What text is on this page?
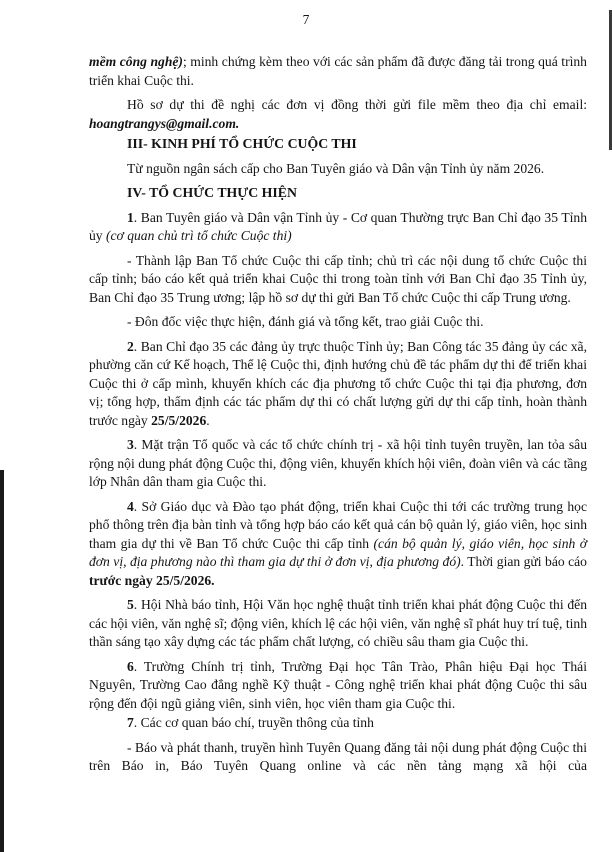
7

mềm công nghệ); minh chứng kèm theo với các sản phẩm đã được đăng tải trong quá trình triển khai Cuộc thi.

Hồ sơ dự thi đề nghị các đơn vị đồng thời gửi file mềm theo địa chỉ email: hoangtrangys@gmail.com.

III- KINH PHÍ TỔ CHỨC CUỘC THI

Từ nguồn ngân sách cấp cho Ban Tuyên giáo và Dân vận Tỉnh ủy năm 2026.

IV- TỔ CHỨC THỰC HIỆN

1. Ban Tuyên giáo và Dân vận Tỉnh ủy - Cơ quan Thường trực Ban Chỉ đạo 35 Tỉnh ủy (cơ quan chủ trì tổ chức Cuộc thi)

- Thành lập Ban Tổ chức Cuộc thi cấp tỉnh; chủ trì các nội dung tổ chức Cuộc thi cấp tỉnh; báo cáo kết quả triển khai Cuộc thi trong toàn tỉnh với Ban Chỉ đạo 35 Tỉnh ủy, Ban Chỉ đạo 35 Trung ương; lập hồ sơ dự thi gửi Ban Tổ chức Cuộc thi cấp Trung ương.

- Đôn đốc việc thực hiện, đánh giá và tổng kết, trao giải Cuộc thi.

2. Ban Chỉ đạo 35 các đảng ủy trực thuộc Tỉnh ủy; Ban Công tác 35 đảng ủy các xã, phường căn cứ Kế hoạch, Thể lệ Cuộc thi, định hướng chủ đề tác phẩm dự thi để triển khai Cuộc thi ở cấp mình, khuyến khích các địa phương tổ chức Cuộc thi tại địa phương, đơn vị; tổng hợp, thẩm định các tác phẩm dự thi có chất lượng gửi dự thi cấp tỉnh, hoàn thành trước ngày 25/5/2026.

3. Mặt trận Tổ quốc và các tổ chức chính trị - xã hội tỉnh tuyên truyền, lan tỏa sâu rộng nội dung phát động Cuộc thi, động viên, khuyến khích hội viên, đoàn viên và các tầng lớp Nhân dân tham gia Cuộc thi.

4. Sở Giáo dục và Đào tạo phát động, triển khai Cuộc thi tới các trường trung học phổ thông trên địa bàn tỉnh và tổng hợp báo cáo kết quả cán bộ quản lý, giáo viên, học sinh tham gia dự thi về Ban Tổ chức Cuộc thi cấp tỉnh (cán bộ quản lý, giáo viên, học sinh ở đơn vị, địa phương nào thì tham gia dự thi ở đơn vị, địa phương đó). Thời gian gửi báo cáo trước ngày 25/5/2026.

5. Hội Nhà báo tỉnh, Hội Văn học nghệ thuật tỉnh triển khai phát động Cuộc thi đến các hội viên, văn nghệ sĩ; động viên, khích lệ các hội viên, văn nghệ sĩ phát huy trí tuệ, tinh thần sáng tạo xây dựng các tác phẩm chất lượng, có chiều sâu tham gia Cuộc thi.

6. Trường Chính trị tỉnh, Trường Đại học Tân Trào, Phân hiệu Đại học Thái Nguyên, Trường Cao đẳng nghề Kỹ thuật - Công nghệ triển khai phát động Cuộc thi sâu rộng đến đội ngũ giảng viên, sinh viên, học viên tham gia Cuộc thi.

7. Các cơ quan báo chí, truyền thông của tỉnh

- Báo và phát thanh, truyền hình Tuyên Quang đăng tải nội dung phát động Cuộc thi trên Báo in, Báo Tuyên Quang online và các nền tảng mạng xã hội của
